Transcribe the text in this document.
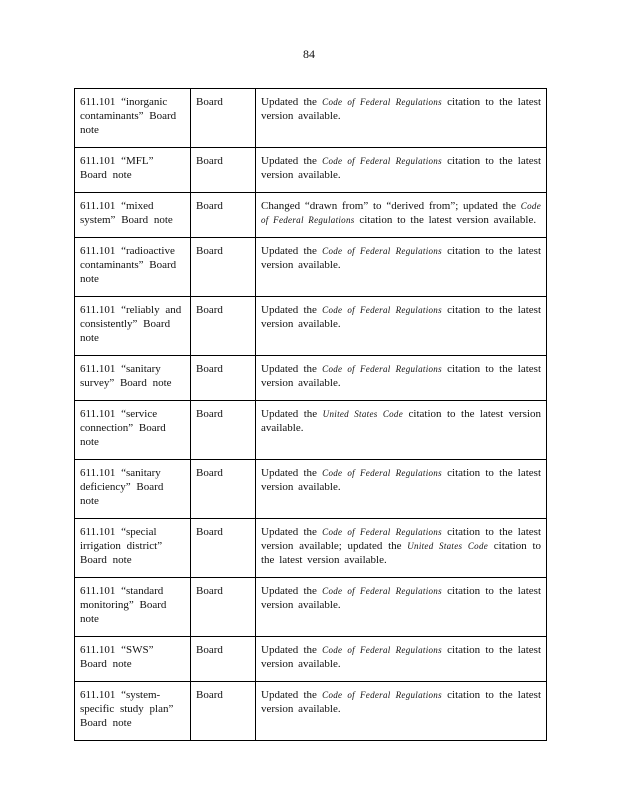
84
611.101 “inorganic contaminants” Board note	Board	Updated the Code of Federal Regulations citation to the latest version available.
611.101 “MFL” Board note	Board	Updated the Code of Federal Regulations citation to the latest version available.
611.101 “mixed system” Board note	Board	Changed “drawn from” to “derived from”; updated the Code of Federal Regulations citation to the latest version available.
611.101 “radioactive contaminants” Board note	Board	Updated the Code of Federal Regulations citation to the latest version available.
611.101 “reliably and consistently” Board note	Board	Updated the Code of Federal Regulations citation to the latest version available.
611.101 “sanitary survey” Board note	Board	Updated the Code of Federal Regulations citation to the latest version available.
611.101 “service connection” Board note	Board	Updated the United States Code citation to the latest version available.
611.101 “sanitary deficiency” Board note	Board	Updated the Code of Federal Regulations citation to the latest version available.
611.101 “special irrigation district” Board note	Board	Updated the Code of Federal Regulations citation to the latest version available; updated the United States Code citation to the latest version available.
611.101 “standard monitoring” Board note	Board	Updated the Code of Federal Regulations citation to the latest version available.
611.101 “SWS” Board note	Board	Updated the Code of Federal Regulations citation to the latest version available.
611.101 “system-specific study plan” Board note	Board	Updated the Code of Federal Regulations citation to the latest version available.
